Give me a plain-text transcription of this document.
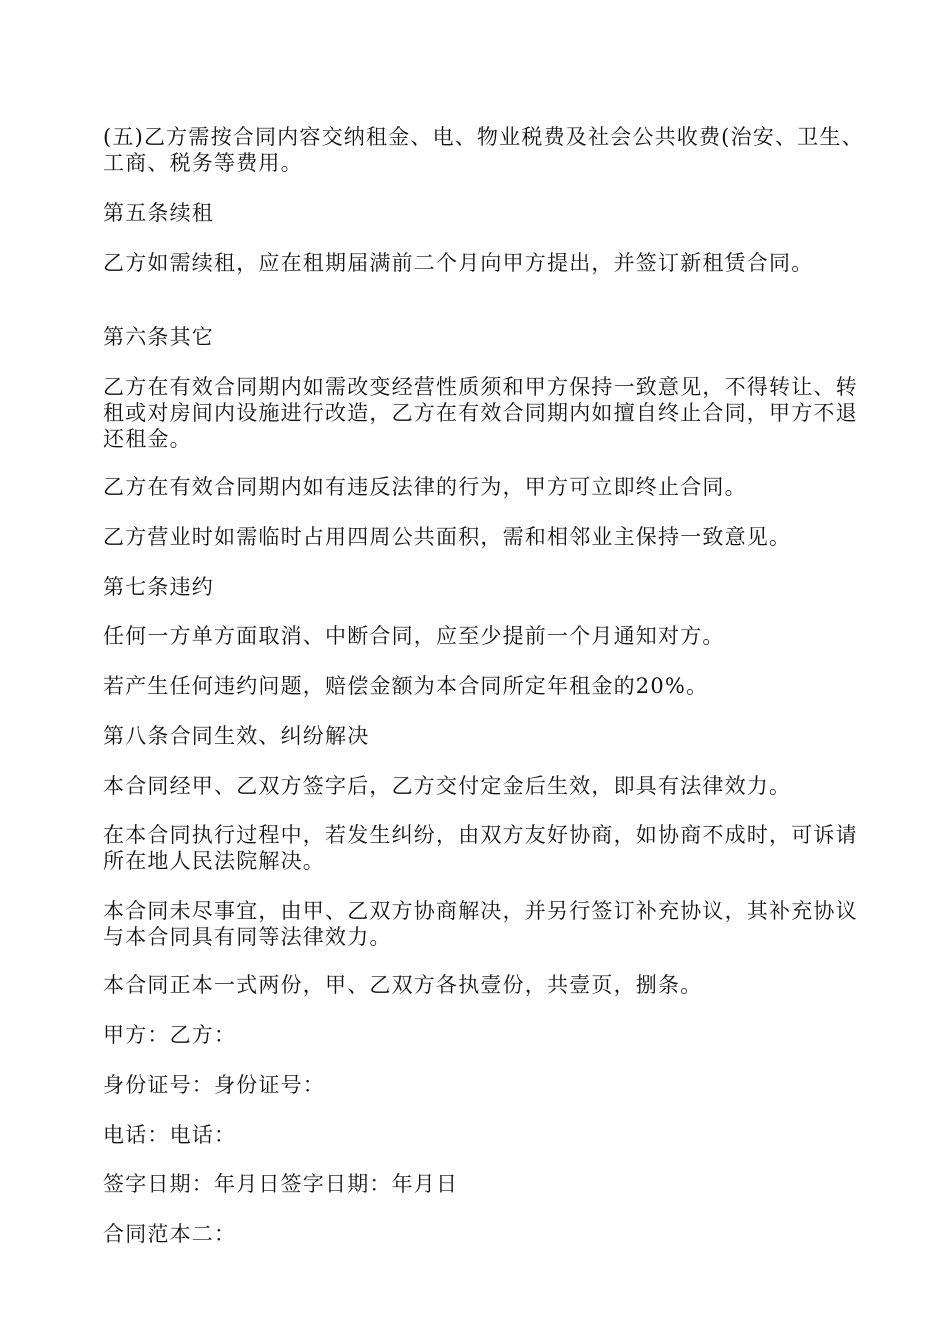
(五)乙方需按合同内容交纳租金、电、物业税费及社会公共收费(治安、卫生、工商、税务等费用。

第五条续租

乙方如需续租，应在租期届满前二个月向甲方提出，并签订新租赁合同。

第六条其它

乙方在有效合同期内如需改变经营性质须和甲方保持一致意见，不得转让、转租或对房间内设施进行改造，乙方在有效合同期内如擅自终止合同，甲方不退还租金。

乙方在有效合同期内如有违反法律的行为，甲方可立即终止合同。

乙方营业时如需临时占用四周公共面积，需和相邻业主保持一致意见。

第七条违约

任何一方单方面取消、中断合同，应至少提前一个月通知对方。

若产生任何违约问题，赔偿金额为本合同所定年租金的20%。

第八条合同生效、纠纷解决

本合同经甲、乙双方签字后，乙方交付定金后生效，即具有法律效力。

在本合同执行过程中，若发生纠纷，由双方友好协商，如协商不成时，可诉请所在地人民法院解决。

本合同未尽事宜，由甲、乙双方协商解决，并另行签订补充协议，其补充协议与本合同具有同等法律效力。

本合同正本一式两份，甲、乙双方各执壹份，共壹页，捌条。

甲方：乙方：

身份证号：身份证号：

电话：电话：

签字日期：年月日签字日期：年月日

合同范本二：
